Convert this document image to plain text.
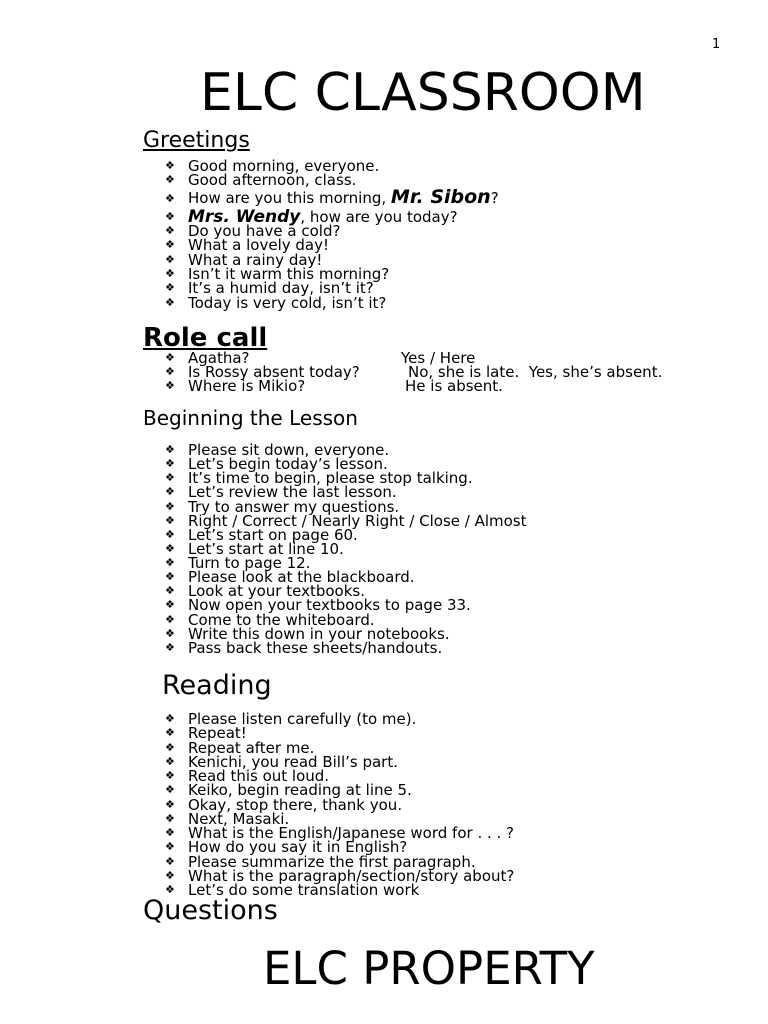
1
ELC CLASSROOM
Greetings
❖
Good morning, everyone.
❖
Good afternoon, class.
❖
How are you this morning, Mr. Sibon?
❖
Mrs. Wendy, how are you today?
❖
Do you have a cold?
❖
What a lovely day!
❖
What a rainy day!
❖
Isn’t it warm this morning?
❖
It’s a humid day, isn’t it?
❖
Today is very cold, isn’t it?
Role call
❖
Agatha?	Yes / Here
❖
Is Rossy absent today?	No, she is late.  Yes, she’s absent.
❖
Where is Mikio?	He is absent.
Beginning the Lesson
❖
Please sit down, everyone.
❖
Let’s begin today’s lesson.
❖
It’s time to begin, please stop talking.
❖
Let’s review the last lesson.
❖
Try to answer my questions.
❖
Right / Correct / Nearly Right / Close / Almost
❖
Let’s start on page 60.
❖
Let’s start at line 10.
❖
Turn to page 12.
❖
Please look at the blackboard.
❖
Look at your textbooks.
❖
Now open your textbooks to page 33.
❖
Come to the whiteboard.
❖
Write this down in your notebooks.
❖
Pass back these sheets/handouts.
Reading
❖
Please listen carefully (to me).
❖
Repeat!
❖
Repeat after me.
❖
Kenichi, you read Bill’s part.
❖
Read this out loud.
❖
Keiko, begin reading at line 5.
❖
Okay, stop there, thank you.
❖
Next, Masaki.
❖
What is the English/Japanese word for . . . ?
❖
How do you say it in English?
❖
Please summarize the first paragraph.
❖
What is the paragraph/section/story about?
❖
Let’s do some translation work
Questions
ELC PROPERTY
